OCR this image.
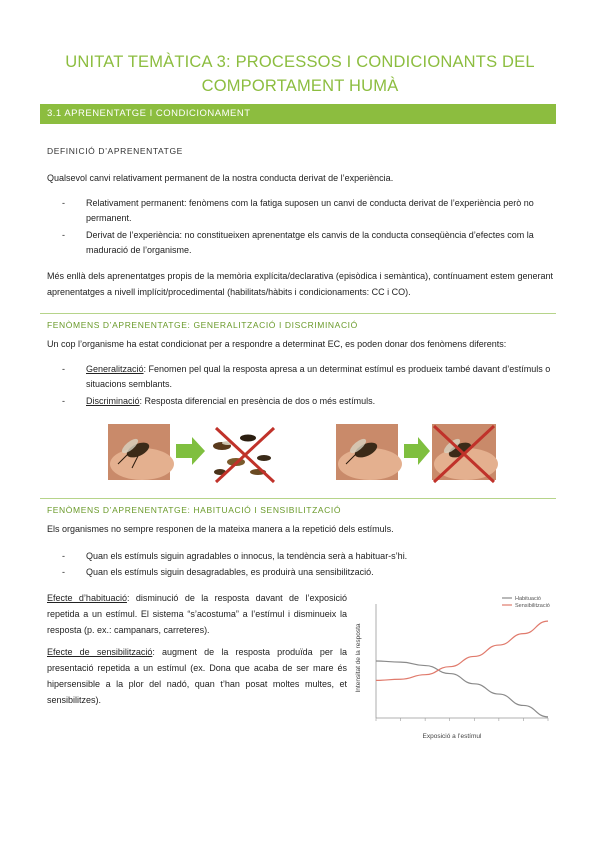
UNITAT TEMÀTICA 3: PROCESSOS I CONDICIONANTS DEL COMPORTAMENT HUMÀ
3.1 APRENENTATGE I CONDICIONAMENT
DEFINICIÓ D’APRENENTATGE
Qualsevol canvi relativament permanent de la nostra conducta derivat de l’experiència.
-	Relativament permanent: fenòmens com la fatiga suposen un canvi de conducta derivat de l’experiència però no permanent.
-	Derivat de l’experiència: no constitueixen aprenentatge els canvis de la conducta conseqüència d’efectes com la maduració de l’organisme.
Més enllà dels aprenentatges propis de la memòria explícita/declarativa (episòdica i semàntica), contínuament estem generant aprenentatges a nivell implícit/procedimental (habilitats/hàbits i condicionaments: CC i CO).
FENÒMENS D’APRENENTATGE: GENERALITZACIÓ I DISCRIMINACIÓ
Un cop l’organisme ha estat condicionat per a respondre a determinat EC, es poden donar dos fenòmens diferents:
-	Generalització: Fenomen pel qual la resposta apresa a un determinat estímul es produeix també davant d’estímuls o situacions semblants.
-	Discriminació: Resposta diferencial en presència de dos o més estímuls.
FENÒMENS D’APRENENTATGE: HABITUACIÓ I SENSIBILITZACIÓ
Els organismes no sempre responen de la mateixa manera a la repetició dels estímuls.
-	Quan els estímuls siguin agradables o innocus, la tendència serà a habituar-s’hi.
-	Quan els estímuls siguin desagradables, es produirà una sensibilització.
Efecte d’habituació: disminució de la resposta davant de l’exposició repetida a un estímul. El sistema “s’acostuma” a l’estímul i disminueix la resposta (p. ex.: campanars, carreteres).
Efecte de sensibilització: augment de la resposta produïda per la presentació repetida a un estímul (ex. Dona que acaba de ser mare és hipersensible a la plor del nadó, quan t’han posat moltes multes, et sensibilitzes).
Habituació
Sensibilització
Exposició a l’estímul
Intensitat de la resposta
